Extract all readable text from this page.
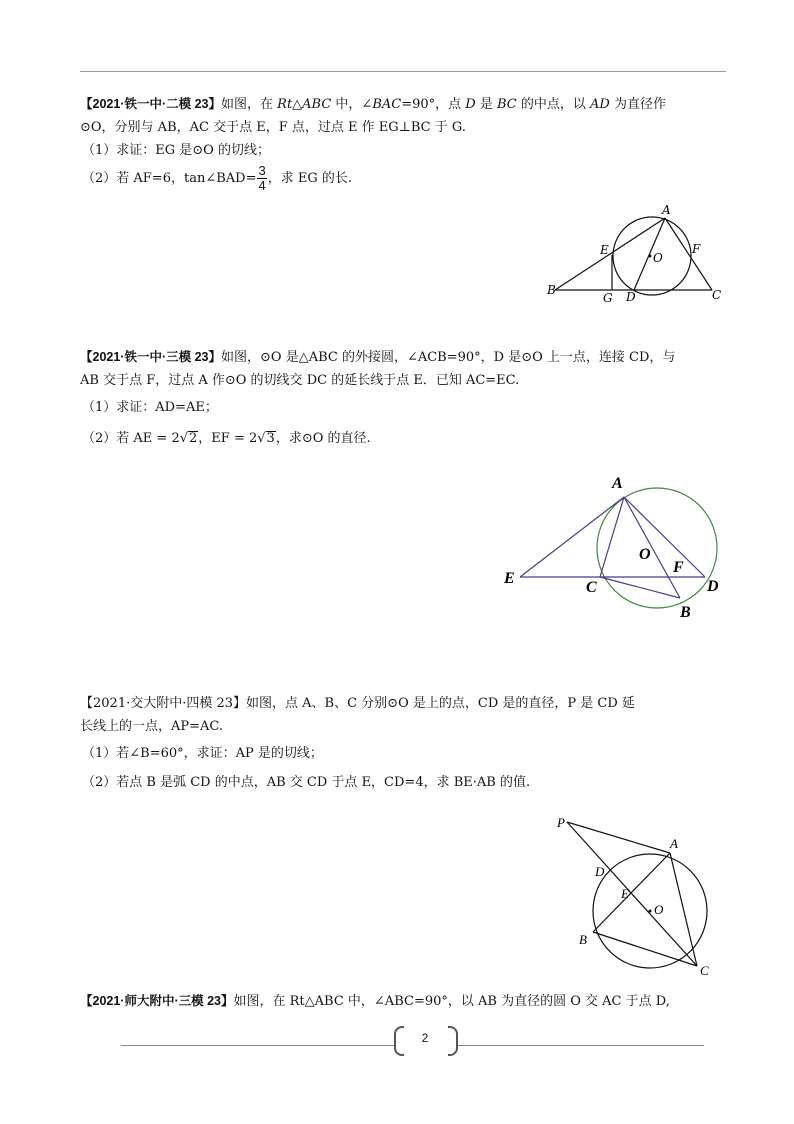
【2021·铁一中·二模 23】如图，在 Rt△ABC 中，∠BAC=90°，点 D 是 BC 的中点，以 AD 为直径作

⊙O，分别与 AB，AC 交于点 E，F 点，过点 E 作 EG⊥BC 于 G.

（1）求证：EG 是⊙O 的切线；

（2）若 AF=6，tan∠BAD= $\frac{3}{4}$ ，求 EG 的长.

A
B	C
D
E	F
G
O

【2021·铁一中·三模 23】如图，⊙O 是△ABC 的外接圆，∠ACB=90°，D 是⊙O 上一点，连接 CD，与

AB 交于点 F，过点 A 作⊙O 的切线交 DC 的延长线于点 E．已知 AC=EC.

（1）求证：AD=AE；

（2）若 AE = 2√2，EF = 2√3，求⊙O 的直径.

A
E
C
O
F
D
B

【2021·交大附中·四模 23】如图，点 A、B、C 分别⊙O 是上的点，CD 是的直径，P 是 CD 延

长线上的一点，AP=AC.

（1）若∠B=60°，求证：AP 是的切线；

（2）若点 B 是弧 CD 的中点，AB 交 CD 于点 E，CD=4，求 BE·AB 的值.

P
A
D
E
O
B
C

【2021·师大附中·三模 23】如图，在 Rt△ABC 中，∠ABC=90°，以 AB 为直径的圆 O 交 AC 于点 D,

2
